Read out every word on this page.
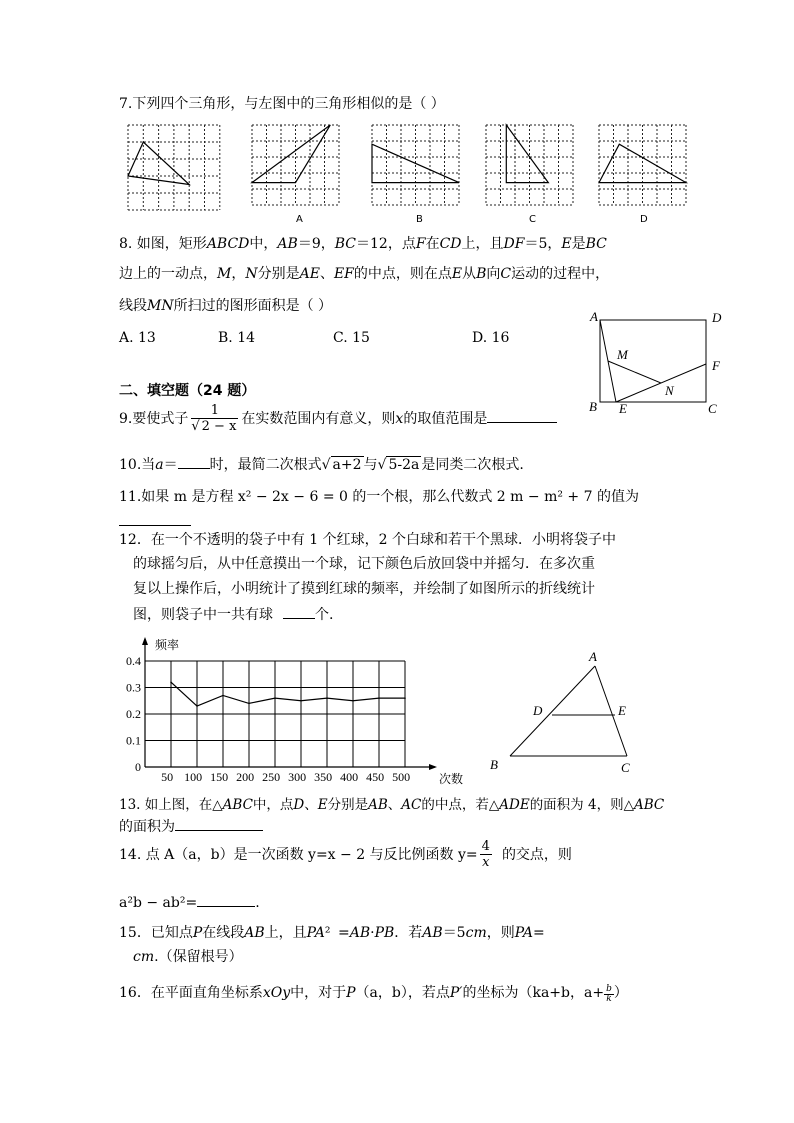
7.下列四个三角形，与左图中的三角形相似的是（ ）
A	B	C	D
8. 如图，矩形ABCD中，AB＝9，BC＝12，点F在CD上，且DF＝5，E是BC
边上的一动点，M，N分别是AE、EF的中点，则在点E从B向C运动的过程中，
线段MN所扫过的图形面积是（ ）
A. 13	B. 14	C. 15	D. 16
A	D
M
F
N
B E	C
二、填空题（24 题）
9.要使式子 $\frac{1}{√ 2 - x}$ 在实数范围内有意义，则x的取值范围是
10.当a＝ 时，最简二次根式√ a+2 与√ 5-2a 是同类二次根式.
11.如果 m 是方程 x² − 2x − 6 = 0 的一个根，那么代数式 2 m − m² + 7 的值为
12．在一个不透明的袋子中有 1 个红球，2 个白球和若干个黑球．小明将袋子中
的球摇匀后，从中任意摸出一个球，记下颜色后放回袋中并摇匀．在多次重
复以上操作后，小明统计了摸到红球的频率，并绘制了如图所示的折线统计
图，则袋子中一共有球	个.
0
0.1
0.2
0.3
0.4
50 100 150 200 250 300 350 400 450 500
频率
次数
A
D	E
B	C
13. 如上图，在△ABC中，点D、E分别是AB、AC的中点，若△ADE的面积为 4，则△ABC
的面积为
14. 点 A（a，b）是一次函数 y=x − 2 与反比例函数 $y= \frac{4}{x}$ 的交点，则
a²b − ab²=	.
15．已知点P在线段AB上，且PA² =AB·PB．若AB＝5cm，则PA=
cm.（保留根号）
16．在平面直角坐标系xOy中，对于P（a，b），若点P′的坐标为（ka+b，$a+ \frac{b}{k}$ ）
